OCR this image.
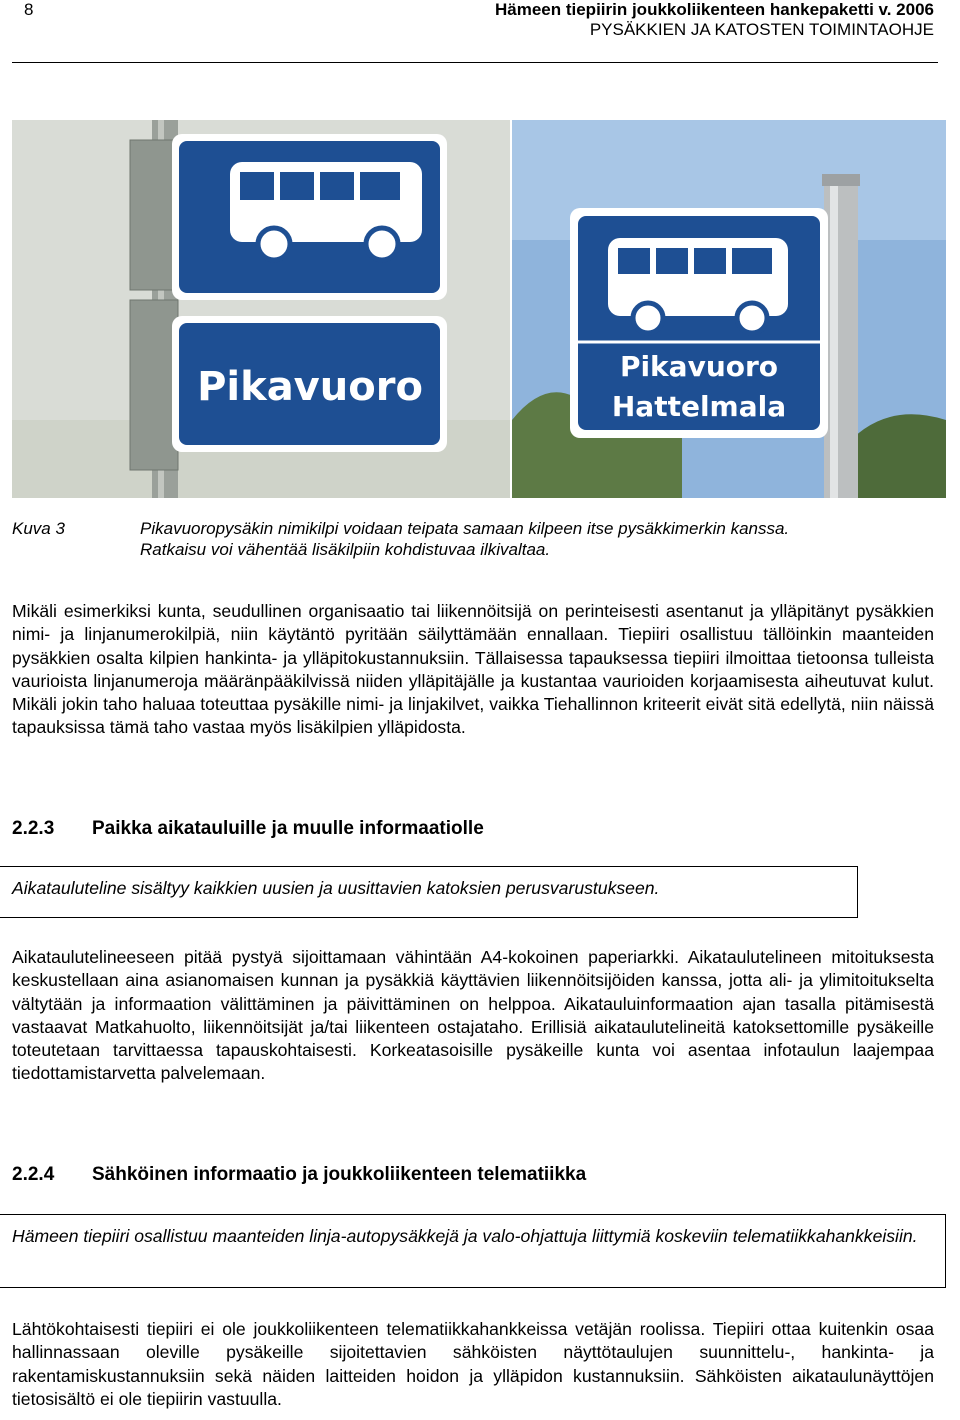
8	Hämeen tiepiirin joukkoliikenteen hankepaketti v. 2006
PYSÄKKIEN JA KATOSTEN TOIMINTAOHJE
Pikavuoro	Pikavuoro
Hattelmala
Kuva 3	Pikavuoropysäkin nimikilpi voidaan teipata samaan kilpeen itse pysäkkimerkin kanssa.
Ratkaisu voi vähentää lisäkilpiin kohdistuvaa ilkivaltaa.
Mikäli esimerkiksi kunta, seudullinen organisaatio tai liikennöitsijä on perinteisesti asentanut ja ylläpitänyt pysäkkien nimi- ja linjanumerokilpiä, niin käytäntö pyritään säilyttämään ennallaan. Tiepiiri osallistuu tällöinkin maanteiden pysäkkien osalta kilpien hankinta- ja ylläpitokustannuksiin. Tällaisessa tapauksessa tiepiiri ilmoittaa tietoonsa tulleista vaurioista linjanumeroja määränpääkilvissä niiden ylläpitäjälle ja kustantaa vaurioiden korjaamisesta aiheutuvat kulut. Mikäli jokin taho haluaa toteuttaa pysäkille nimi- ja linjakilvet, vaikka Tiehallinnon kriteerit eivät sitä edellytä, niin näissä tapauksissa tämä taho vastaa myös lisäkilpien ylläpidosta.
2.2.3 Paikka aikatauluille ja muulle informaatiolle
Aikatauluteline sisältyy kaikkien uusien ja uusittavien katoksien perusvarustukseen.
Aikataulutelineeseen pitää pystyä sijoittamaan vähintään A4-kokoinen paperiarkki. Aikataulutelineen mitoituksesta keskustellaan aina asianomaisen kunnan ja pysäkkiä käyttävien liikennöitsijöiden kanssa, jotta ali- ja ylimitoitukselta vältytään ja informaation välittäminen ja päivittäminen on helppoa. Aikatauluinformaation ajan tasalla pitämisestä vastaavat Matkahuolto, liikennöitsijät ja/tai liikenteen ostajataho. Erillisiä aikataulutelineitä katoksettomille pysäkeille toteutetaan tarvittaessa tapauskohtaisesti. Korkeatasoisille pysäkeille kunta voi asentaa infotaulun laajempaa tiedottamistarvetta palvelemaan.
2.2.4 Sähköinen informaatio ja joukkoliikenteen telematiikka
Hämeen tiepiiri osallistuu maanteiden linja-autopysäkkejä ja valo-ohjattuja liittymiä koskeviin telematiikkahankkeisiin.
Lähtökohtaisesti tiepiiri ei ole joukkoliikenteen telematiikkahankkeissa vetäjän roolissa. Tiepiiri ottaa kuitenkin osaa hallinnassaan oleville pysäkeille sijoitettavien sähköisten näyttötaulujen suunnittelu-, hankinta- ja rakentamiskustannuksiin sekä näiden laitteiden hoidon ja ylläpidon kustannuksiin. Sähköisten aikataulunäyttöjen tietosisältö ei ole tiepiirin vastuulla.
